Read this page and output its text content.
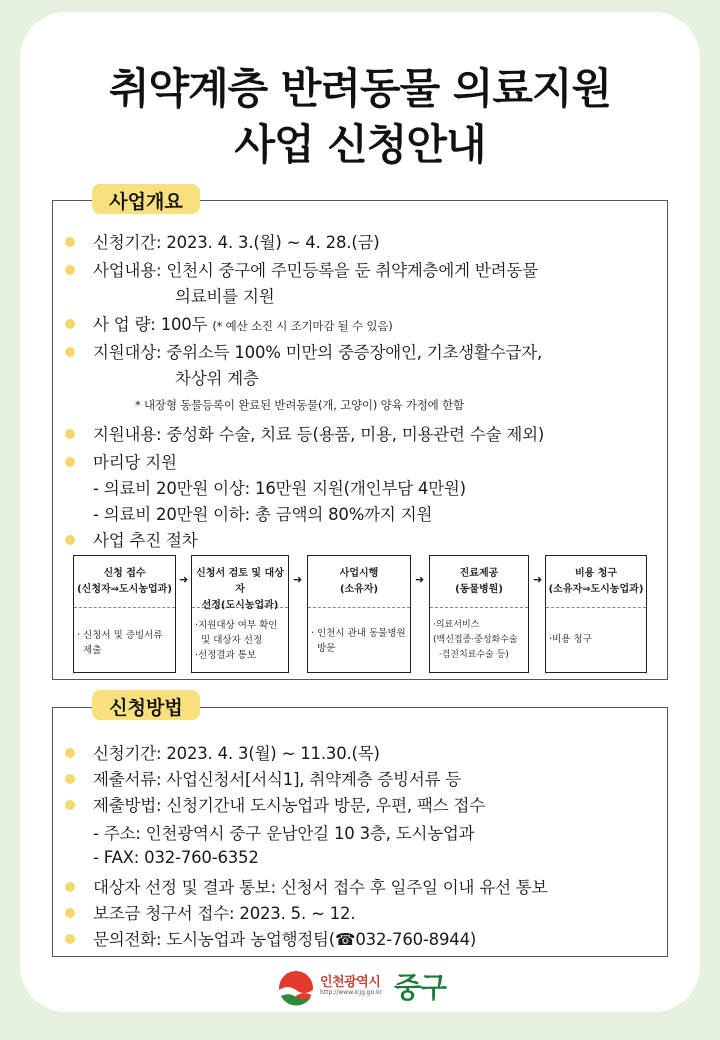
취약계층 반려동물 의료지원
사업 신청안내
신청기간: 2023. 4. 3.(월) ~ 4. 28.(금)
사업내용: 인천시 중구에 주민등록을 둔 취약계층에게 반려동물
의료비를 지원
사 업 량: 100두 (* 예산 소진 시 조기마감 될 수 있음)
지원대상: 중위소득 100% 미만의 중증장애인, 기초생활수급자,
차상위 계층
* 내장형 동물등록이 완료된 반려동물(개, 고양이) 양육 가정에 한함
지원내용: 중성화 수술, 치료 등(용품, 미용, 미용관련 수술 제외)
마리당 지원
- 의료비 20만원 이상: 16만원 지원(개인부담 4만원)
- 의료비 20만원 이하: 총 금액의 80%까지 지원
사업 추진 절차
신청 접수
(신청자⇒도시농업과)
· 신청서 및 증빙서류
제출
➜ 신청서 검토 및 대상자
선정(도시농업과)
·지원대상 여부 확인
및 대상자 선정
·선정결과 통보
➜	사업시행
(소유자)
· 인천시 관내 동물병원
방문
➜	진료제공
(동물병원)
·의료서비스
(백신접종·중성화수술
·검진치료수술 등)
➜	비용 청구
(소유자⇒도시농업과)
·비용 청구
사업개요
신청기간: 2023. 4. 3(월) ~ 11.30.(목)
제출서류: 사업신청서[서식1], 취약계층 증빙서류 등
제출방법: 신청기간내 도시농업과 방문, 우편, 팩스 접수
- 주소: 인천광역시 중구 운남안길 10 3층, 도시농업과
- FAX: 032-760-6352
대상자 선정 및 결과 통보: 신청서 접수 후 일주일 이내 유선 통보
보조금 청구서 접수: 2023. 5. ~ 12.
문의전화: 도시농업과 농업행정팀(☎032-760-8944)
신청방법
인천광역시
http://www.icjg.go.kr 중구
